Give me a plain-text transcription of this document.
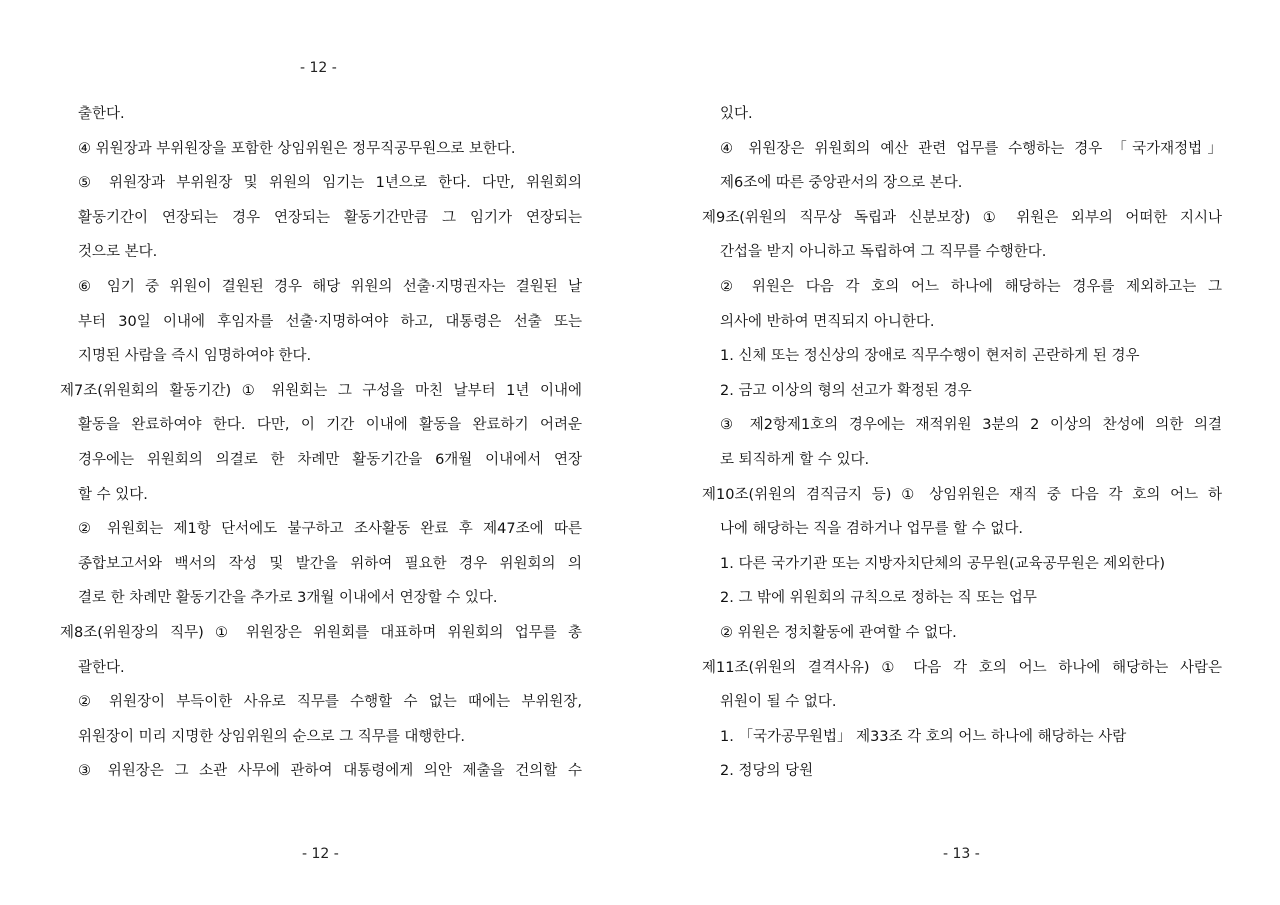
- 12 -
출한다.
④ 위원장과 부위원장을 포함한 상임위원은 정무직공무원으로 보한다.
⑤ 위원장과 부위원장 및 위원의 임기는 1년으로 한다. 다만, 위원회의
활동기간이 연장되는 경우 연장되는 활동기간만큼 그 임기가 연장되는
것으로 본다.
⑥ 임기 중 위원이 결원된 경우 해당 위원의 선출·지명권자는 결원된 날
부터 30일 이내에 후임자를 선출·지명하여야 하고, 대통령은 선출 또는
지명된 사람을 즉시 임명하여야 한다.
제7조(위원회의 활동기간) ① 위원회는 그 구성을 마친 날부터 1년 이내에
활동을 완료하여야 한다. 다만, 이 기간 이내에 활동을 완료하기 어려운
경우에는 위원회의 의결로 한 차례만 활동기간을 6개월 이내에서 연장
할 수 있다.
② 위원회는 제1항 단서에도 불구하고 조사활동 완료 후 제47조에 따른
종합보고서와 백서의 작성 및 발간을 위하여 필요한 경우 위원회의 의
결로 한 차례만 활동기간을 추가로 3개월 이내에서 연장할 수 있다.
제8조(위원장의 직무) ① 위원장은 위원회를 대표하며 위원회의 업무를 총
괄한다.
② 위원장이 부득이한 사유로 직무를 수행할 수 없는 때에는 부위원장,
위원장이 미리 지명한 상임위원의 순으로 그 직무를 대행한다.
③ 위원장은 그 소관 사무에 관하여 대통령에게 의안 제출을 건의할 수
있다.
④ 위원장은 위원회의 예산 관련 업무를 수행하는 경우 「국가재정법」
제6조에 따른 중앙관서의 장으로 본다.
제9조(위원의 직무상 독립과 신분보장) ① 위원은 외부의 어떠한 지시나
간섭을 받지 아니하고 독립하여 그 직무를 수행한다.
② 위원은 다음 각 호의 어느 하나에 해당하는 경우를 제외하고는 그
의사에 반하여 면직되지 아니한다.
1. 신체 또는 정신상의 장애로 직무수행이 현저히 곤란하게 된 경우
2. 금고 이상의 형의 선고가 확정된 경우
③ 제2항제1호의 경우에는 재적위원 3분의 2 이상의 찬성에 의한 의결
로 퇴직하게 할 수 있다.
제10조(위원의 겸직금지 등) ① 상임위원은 재직 중 다음 각 호의 어느 하
나에 해당하는 직을 겸하거나 업무를 할 수 없다.
1. 다른 국가기관 또는 지방자치단체의 공무원(교육공무원은 제외한다)
2. 그 밖에 위원회의 규칙으로 정하는 직 또는 업무
② 위원은 정치활동에 관여할 수 없다.
제11조(위원의 결격사유) ① 다음 각 호의 어느 하나에 해당하는 사람은
위원이 될 수 없다.
1. 「국가공무원법」 제33조 각 호의 어느 하나에 해당하는 사람
2. 정당의 당원
- 12 -	- 13 -
